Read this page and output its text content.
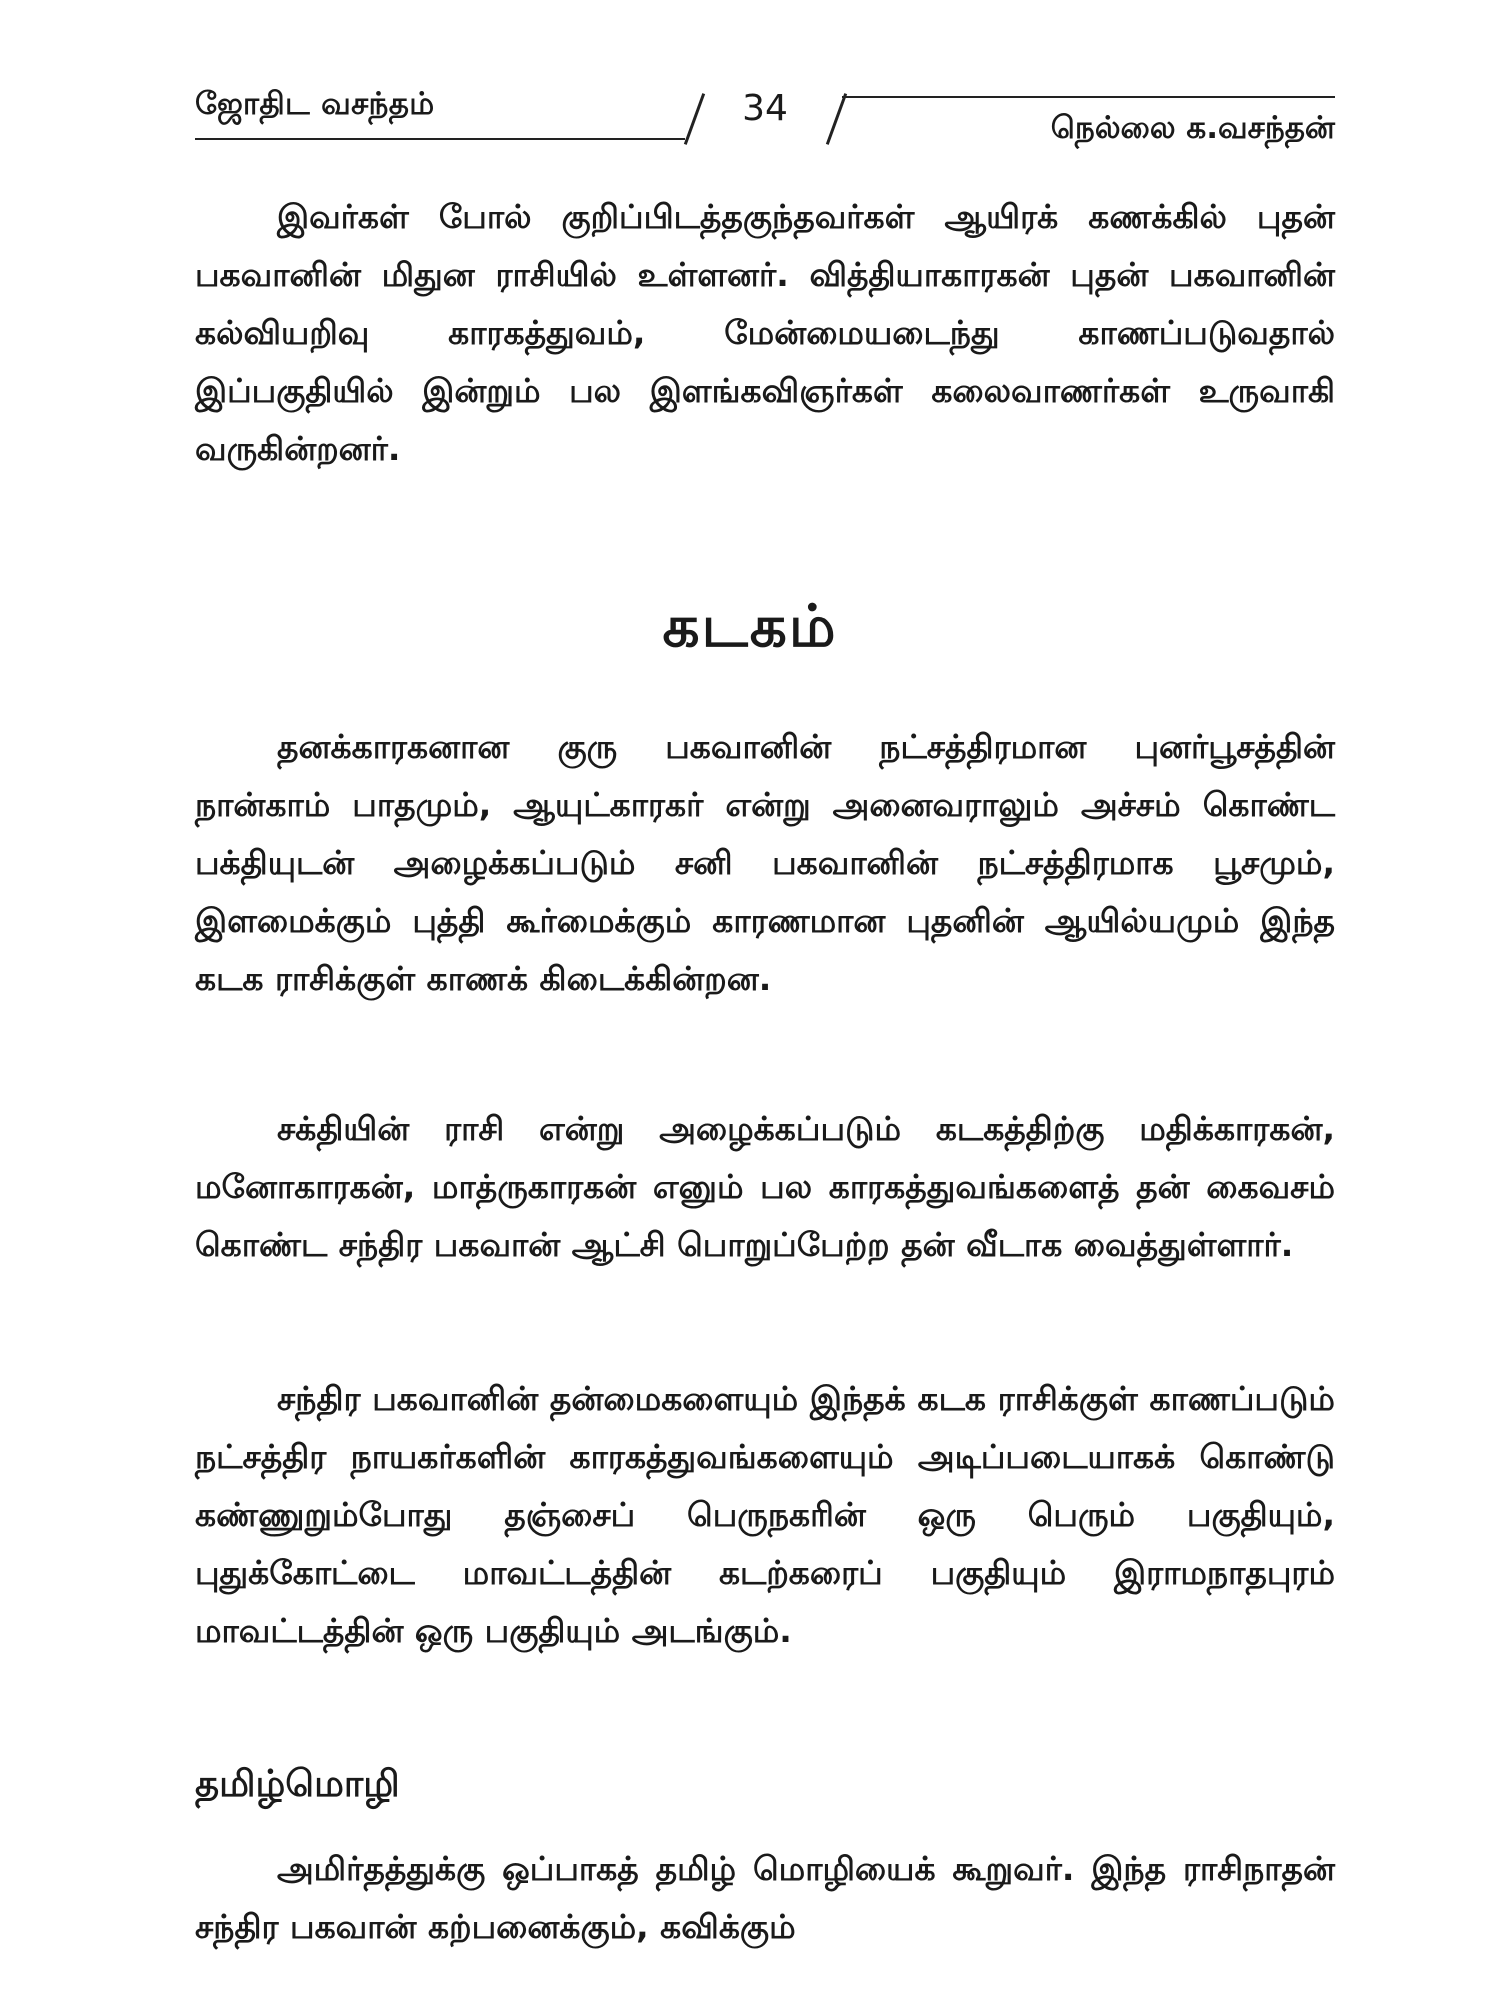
ஜோதிட வசந்தம்	34	நெல்லை க.வசந்தன்

இவர்கள் போல் குறிப்பிடத்தகுந்தவர்கள் ஆயிரக் கணக்கில் புதன் பகவானின் மிதுன ராசியில் உள்ளனர். வித்தியாகாரகன் புதன் பகவானின் கல்வியறிவு காரகத்துவம், மேன்மையடைந்து காணப்படுவதால் இப்பகுதியில் இன்றும் பல இளங்கவிஞர்கள் கலைவாணர்கள் உருவாகி வருகின்றனர்.

கடகம்

தனக்காரகனான குரு பகவானின் நட்சத்திரமான புனர்பூசத்தின் நான்காம் பாதமும், ஆயுட்காரகர் என்று அனைவராலும் அச்சம் கொண்ட பக்தியுடன் அழைக்கப்படும் சனி பகவானின் நட்சத்திரமாக பூசமும், இளமைக்கும் புத்தி கூர்மைக்கும் காரணமான புதனின் ஆயில்யமும் இந்த கடக ராசிக்குள் காணக் கிடைக்கின்றன.

சக்தியின் ராசி என்று அழைக்கப்படும் கடகத்திற்கு மதிக்காரகன், மனோகாரகன், மாத்ருகாரகன் எனும் பல காரகத்துவங்களைத் தன் கைவசம் கொண்ட சந்திர பகவான் ஆட்சி பொறுப்பேற்ற தன் வீடாக வைத்துள்ளார்.

சந்திர பகவானின் தன்மைகளையும் இந்தக் கடக ராசிக்குள் காணப்படும் நட்சத்திர நாயகர்களின் காரகத்துவங்களையும் அடிப்படையாகக் கொண்டு கண்ணுறும்போது தஞ்சைப் பெருநகரின் ஒரு பெரும் பகுதியும், புதுக்கோட்டை மாவட்டத்தின் கடற்கரைப் பகுதியும் இராமநாதபுரம் மாவட்டத்தின் ஒரு பகுதியும் அடங்கும்.

தமிழ்மொழி

அமிர்தத்துக்கு ஒப்பாகத் தமிழ் மொழியைக் கூறுவர். இந்த ராசிநாதன் சந்திர பகவான் கற்பனைக்கும், கவிக்கும்
